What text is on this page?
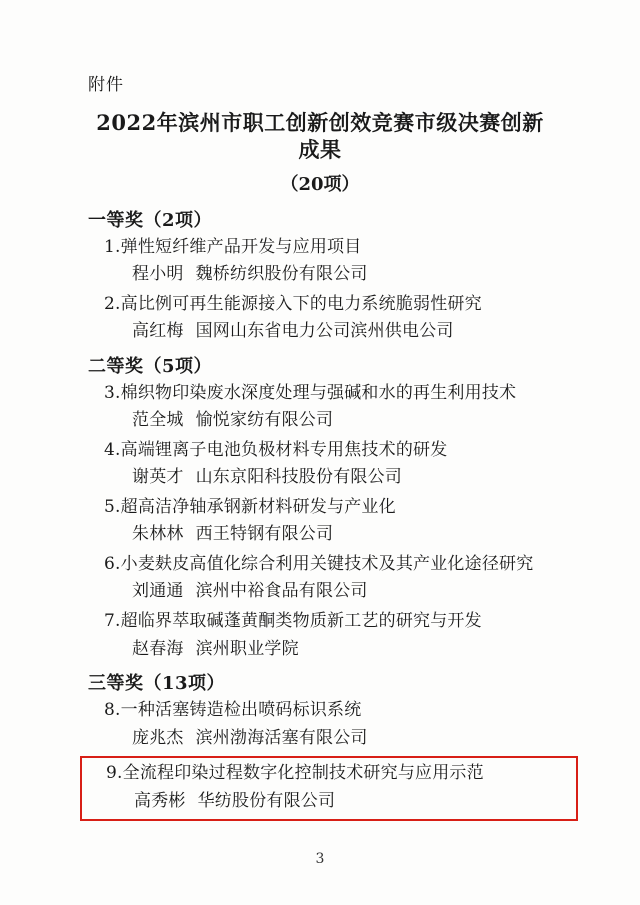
附件
2022年滨州市职工创新创效竞赛市级决赛创新成果
（20项）
一等奖（2项）

1.弹性短纤维产品开发与应用项目

程小明 魏桥纺织股份有限公司

2.高比例可再生能源接入下的电力系统脆弱性研究

高红梅 国网山东省电力公司滨州供电公司

二等奖（5项）

3.棉织物印染废水深度处理与强碱和水的再生利用技术

范全城 愉悦家纺有限公司

4.高端锂离子电池负极材料专用焦技术的研发

谢英才 山东京阳科技股份有限公司

5.超高洁净轴承钢新材料研发与产业化

朱林林 西王特钢有限公司

6.小麦麸皮高值化综合利用关键技术及其产业化途径研究

刘通通 滨州中裕食品有限公司

7.超临界萃取碱蓬黄酮类物质新工艺的研究与开发

赵春海 滨州职业学院

三等奖（13项）

8.一种活塞铸造检出喷码标识系统

庞兆杰 滨州渤海活塞有限公司

9.全流程印染过程数字化控制技术研究与应用示范

高秀彬 华纺股份有限公司

3
